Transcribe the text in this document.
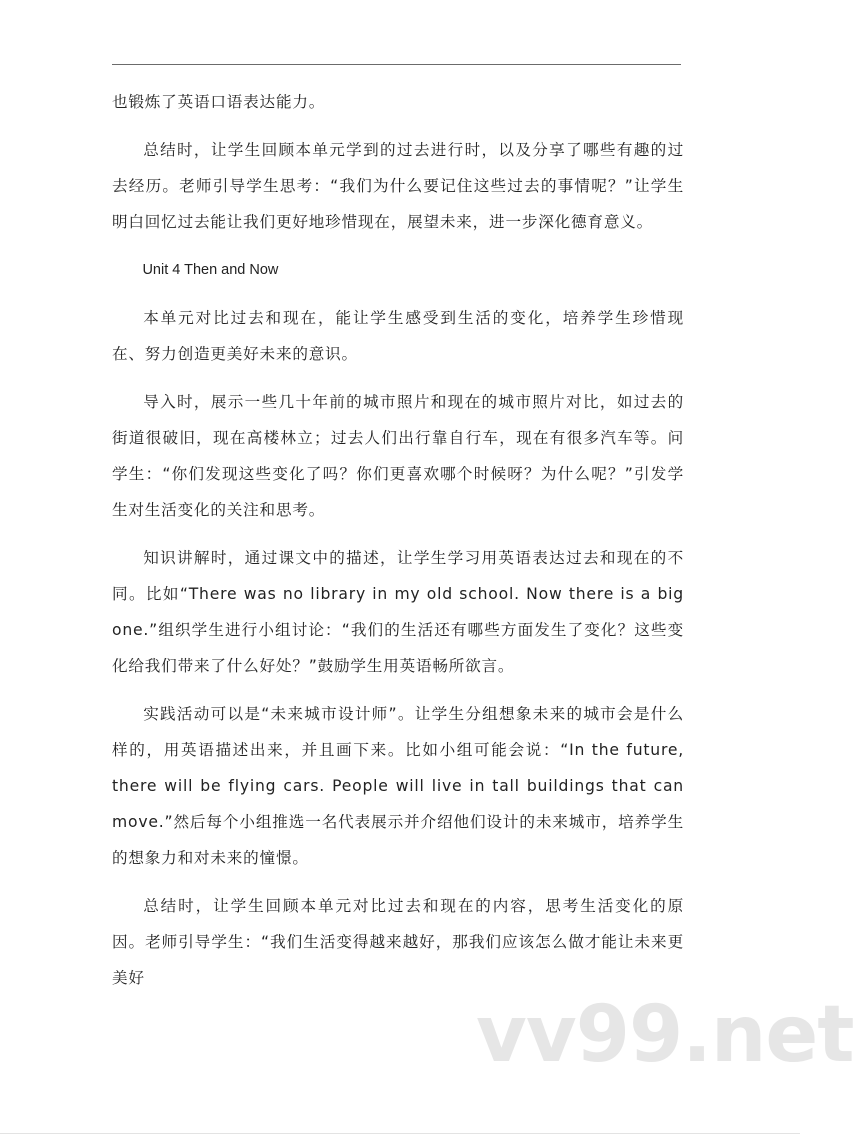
也锻炼了英语口语表达能力。

总结时，让学生回顾本单元学到的过去进行时，以及分享了哪些有趣的过去经历。老师引导学生思考：“我们为什么要记住这些过去的事情呢？”让学生明白回忆过去能让我们更好地珍惜现在，展望未来，进一步深化德育意义。

Unit 4 Then and Now

本单元对比过去和现在，能让学生感受到生活的变化，培养学生珍惜现在、努力创造更美好未来的意识。

导入时，展示一些几十年前的城市照片和现在的城市照片对比，如过去的街道很破旧，现在高楼林立；过去人们出行靠自行车，现在有很多汽车等。问学生：“你们发现这些变化了吗？你们更喜欢哪个时候呀？为什么呢？”引发学生对生活变化的关注和思考。

知识讲解时，通过课文中的描述，让学生学习用英语表达过去和现在的不同。比如“There was no library in my old school. Now there is a big one.”组织学生进行小组讨论：“我们的生活还有哪些方面发生了变化？这些变化给我们带来了什么好处？”鼓励学生用英语畅所欲言。

实践活动可以是“未来城市设计师”。让学生分组想象未来的城市会是什么样的，用英语描述出来，并且画下来。比如小组可能会说：“In the future, there will be flying cars. People will live in tall buildings that can move.”然后每个小组推选一名代表展示并介绍他们设计的未来城市，培养学生的想象力和对未来的憧憬。

总结时，让学生回顾本单元对比过去和现在的内容，思考生活变化的原因。老师引导学生：“我们生活变得越来越好，那我们应该怎么做才能让未来更美好

vv99.net
